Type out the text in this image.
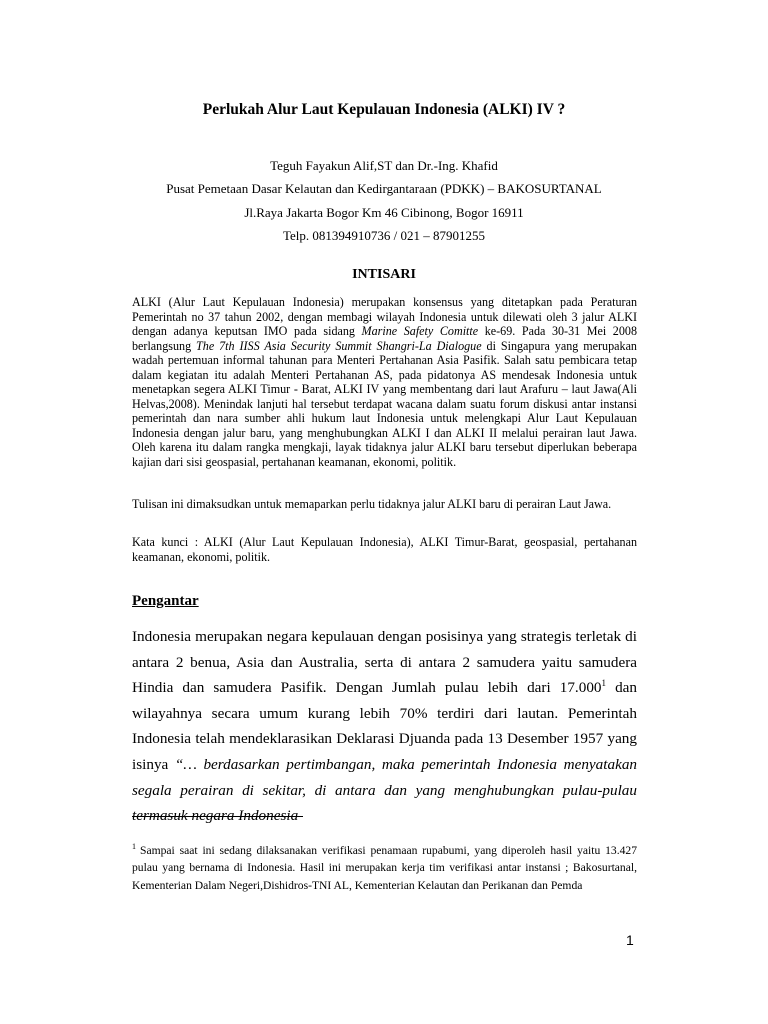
Perlukah Alur Laut Kepulauan Indonesia (ALKI) IV ?
Teguh Fayakun Alif,ST dan Dr.-Ing. Khafid
Pusat Pemetaan Dasar Kelautan dan Kedirgantaraan (PDKK) – BAKOSURTANAL
Jl.Raya Jakarta Bogor Km 46 Cibinong, Bogor 16911
Telp. 081394910736 / 021 – 87901255
INTISARI

ALKI (Alur Laut Kepulauan Indonesia) merupakan konsensus yang ditetapkan pada Peraturan Pemerintah no 37 tahun 2002, dengan membagi wilayah Indonesia untuk dilewati oleh 3 jalur ALKI dengan adanya keputsan IMO pada sidang Marine Safety Comitte ke-69. Pada 30-31 Mei 2008 berlangsung The 7th IISS Asia Security Summit Shangri-La Dialogue di Singapura yang merupakan wadah pertemuan informal tahunan para Menteri Pertahanan Asia Pasifik. Salah satu pembicara tetap dalam kegiatan itu adalah Menteri Pertahanan AS, pada pidatonya AS mendesak Indonesia untuk menetapkan segera ALKI Timur - Barat, ALKI IV yang membentang dari laut Arafuru – laut Jawa(Ali Helvas,2008). Menindak lanjuti hal tersebut terdapat wacana dalam suatu forum diskusi antar instansi pemerintah dan nara sumber ahli hukum laut Indonesia untuk melengkapi Alur Laut Kepulauan Indonesia dengan jalur baru, yang menghubungkan ALKI I dan ALKI II melalui perairan laut Jawa. Oleh karena itu dalam rangka mengkaji, layak tidaknya jalur ALKI baru tersebut diperlukan beberapa kajian dari sisi geospasial, pertahanan keamanan, ekonomi, politik.

Tulisan ini dimaksudkan untuk memaparkan perlu tidaknya jalur ALKI baru di perairan Laut Jawa.

Kata kunci : ALKI (Alur Laut Kepulauan Indonesia), ALKI Timur-Barat, geospasial, pertahanan keamanan, ekonomi, politik.

Pengantar

Indonesia merupakan negara kepulauan dengan posisinya yang strategis terletak di antara 2 benua, Asia dan Australia, serta di antara 2 samudera yaitu samudera Hindia dan samudera Pasifik. Dengan Jumlah pulau lebih dari 17.000$^1$ dan wilayahnya secara umum kurang lebih 70% terdiri dari lautan. Pemerintah Indonesia telah mendeklarasikan Deklarasi Djuanda pada 13 Desember 1957 yang isinya “… berdasarkan pertimbangan, maka pemerintah Indonesia menyatakan segala perairan di sekitar, di antara dan yang menghubungkan pulau-pulau termasuk negara Indonesia

$^1$ Sampai saat ini sedang dilaksanakan verifikasi penamaan rupabumi, yang diperoleh hasil yaitu 13.427 pulau yang bernama di Indonesia. Hasil ini merupakan kerja tim verifikasi antar instansi ; Bakosurtanal, Kementerian Dalam Negeri,Dishidros-TNI AL, Kementerian Kelautan dan Perikanan dan Pemda

1
